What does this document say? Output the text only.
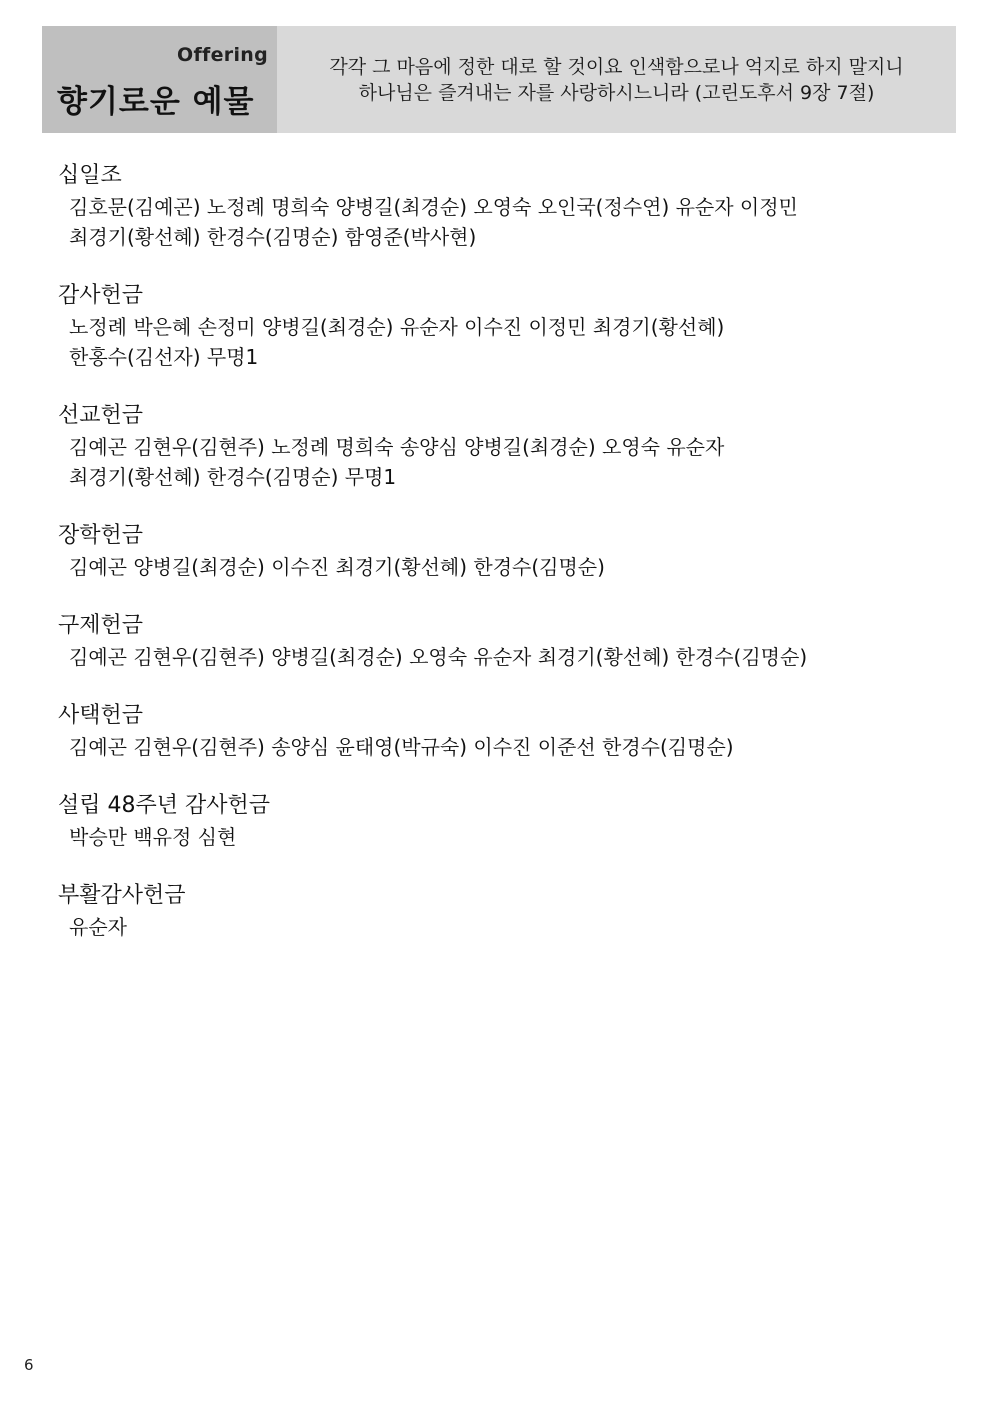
Offering
향기로운 예물
각각 그 마음에 정한 대로 할 것이요 인색함으로나 억지로 하지 말지니
하나님은 즐겨내는 자를 사랑하시느니라 (고린도후서 9장 7절)
십일조
김호문(김예곤) 노정례 명희숙 양병길(최경순) 오영숙 오인국(정수연) 유순자 이정민
최경기(황선혜) 한경수(김명순) 함영준(박사현)
감사헌금
노정례 박은혜 손정미 양병길(최경순) 유순자 이수진 이정민 최경기(황선혜)
한홍수(김선자) 무명1
선교헌금
김예곤 김현우(김현주) 노정례 명희숙 송양심 양병길(최경순) 오영숙 유순자
최경기(황선혜) 한경수(김명순) 무명1
장학헌금
김예곤 양병길(최경순) 이수진 최경기(황선혜) 한경수(김명순)
구제헌금
김예곤 김현우(김현주) 양병길(최경순) 오영숙 유순자 최경기(황선혜) 한경수(김명순)
사택헌금
김예곤 김현우(김현주) 송양심 윤태영(박규숙) 이수진 이준선 한경수(김명순)
설립 48주년 감사헌금
박승만 백유정 심현
부활감사헌금
유순자
6
